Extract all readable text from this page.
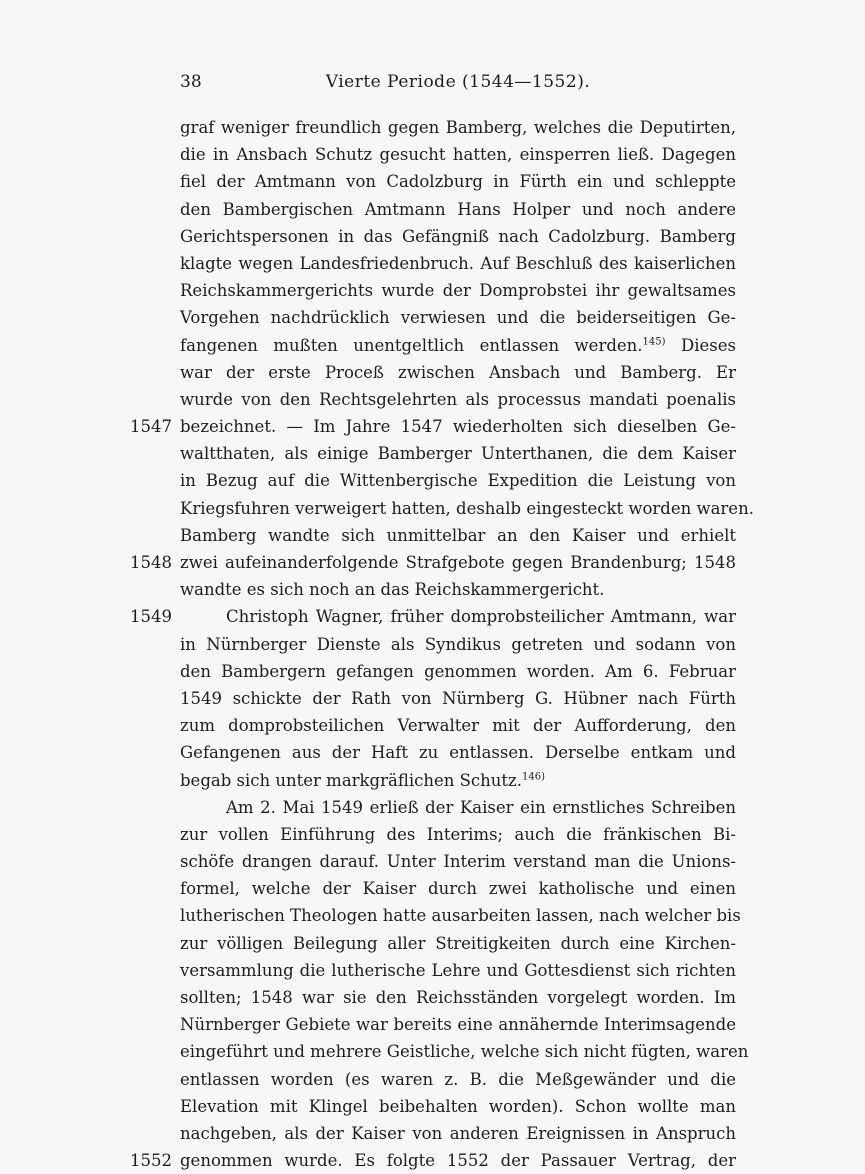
38	Vierte Periode (1544—1552).
graf weniger freundlich gegen Bamberg, welches die Deputirten,
die in Ansbach Schutz gesucht hatten, einsperren ließ. Dagegen
fiel der Amtmann von Cadolzburg in Fürth ein und schleppte
den Bambergischen Amtmann Hans Holper und noch andere
Gerichtspersonen in das Gefängniß nach Cadolzburg. Bamberg
klagte wegen Landesfriedenbruch. Auf Beschluß des kaiserlichen
Reichskammergerichts wurde der Domprobstei ihr gewaltsames
Vorgehen nachdrücklich verwiesen und die beiderseitigen Ge-
fangenen mußten unentgeltlich entlassen werden.$^{145)}$ Dieses
war der erste Proceß zwischen Ansbach und Bamberg. Er
wurde von den Rechtsgelehrten als processus mandati poenalis
1547 bezeichnet. — Im Jahre 1547 wiederholten sich dieselben Ge-
waltthaten, als einige Bamberger Unterthanen, die dem Kaiser
in Bezug auf die Wittenbergische Expedition die Leistung von
Kriegsfuhren verweigert hatten, deshalb eingesteckt worden waren.
Bamberg wandte sich unmittelbar an den Kaiser und erhielt
1548 zwei aufeinanderfolgende Strafgebote gegen Brandenburg; 1548
wandte es sich noch an das Reichskammergericht.
1549	Christoph Wagner, früher domprobsteilicher Amtmann, war
in Nürnberger Dienste als Syndikus getreten und sodann von
den Bambergern gefangen genommen worden. Am 6. Februar
1549 schickte der Rath von Nürnberg G. Hübner nach Fürth
zum domprobsteilichen Verwalter mit der Aufforderung, den
Gefangenen aus der Haft zu entlassen. Derselbe entkam und
begab sich unter markgräflichen Schutz.$^{146)}$
Am 2. Mai 1549 erließ der Kaiser ein ernstliches Schreiben
zur vollen Einführung des Interims; auch die fränkischen Bi-
schöfe drangen darauf. Unter Interim verstand man die Unions-
formel, welche der Kaiser durch zwei katholische und einen
lutherischen Theologen hatte ausarbeiten lassen, nach welcher bis
zur völligen Beilegung aller Streitigkeiten durch eine Kirchen-
versammlung die lutherische Lehre und Gottesdienst sich richten
sollten; 1548 war sie den Reichsständen vorgelegt worden. Im
Nürnberger Gebiete war bereits eine annähernde Interimsagende
eingeführt und mehrere Geistliche, welche sich nicht fügten, waren
entlassen worden (es waren z. B. die Meßgewänder und die
Elevation mit Klingel beibehalten worden). Schon wollte man
nachgeben, als der Kaiser von anderen Ereignissen in Anspruch
1552 genommen wurde. Es folgte 1552 der Passauer Vertrag, der
